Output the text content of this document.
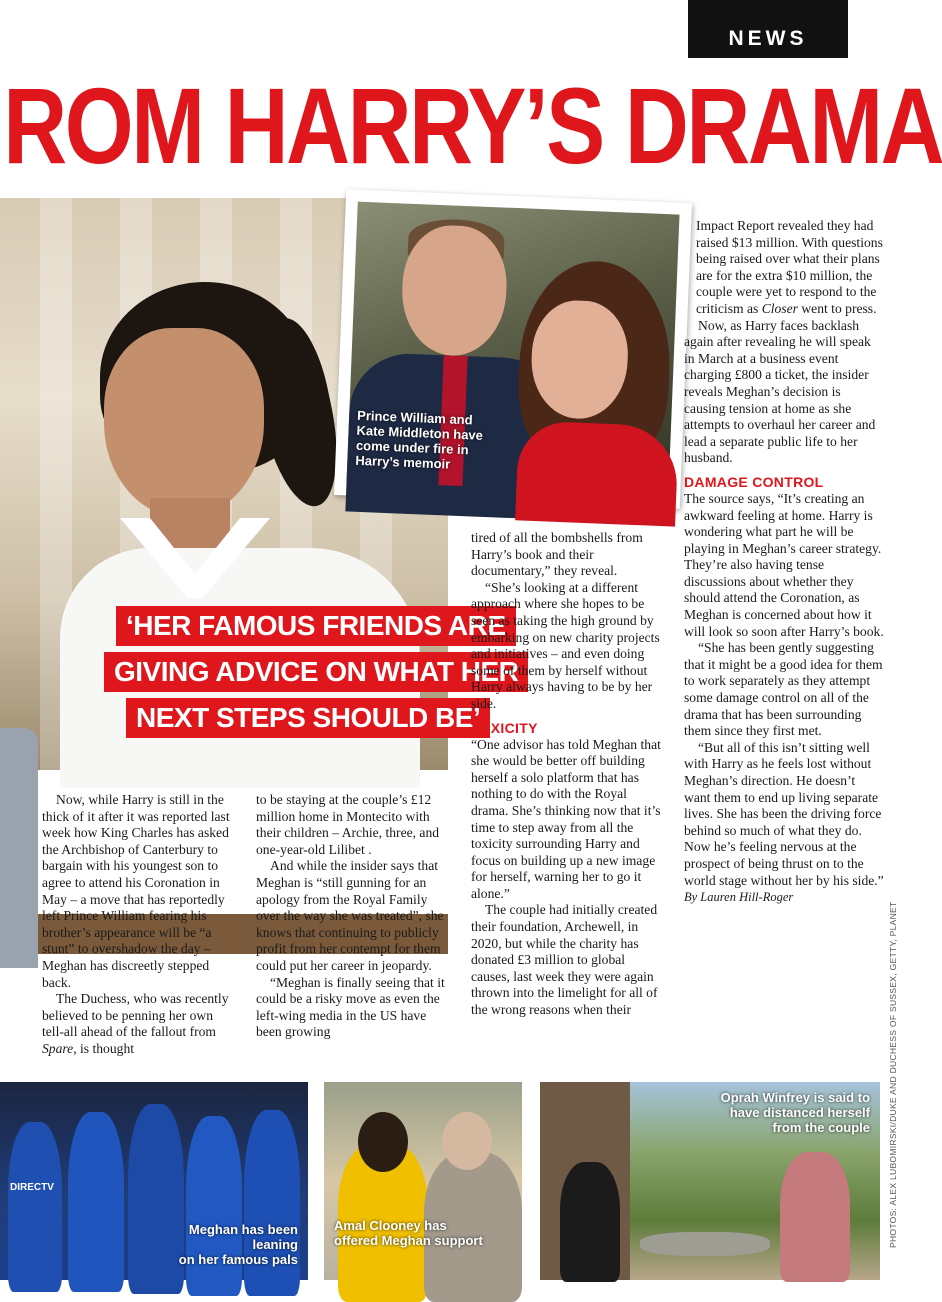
NEWS
ROM HARRY’S DRAMA
‘HER FAMOUS FRIENDS ARE
GIVING ADVICE ON WHAT HER
NEXT STEPS SHOULD BE’
Prince William and
Kate Middleton have
come under fire in
Harry’s memoir

Now, while Harry is still in the thick of it after it was reported last week how King Charles has asked the Archbishop of Canterbury to bargain with his youngest son to agree to attend his Coronation in May – a move that has reportedly left Prince William fearing his brother’s appearance will be “a stunt” to overshadow the day – Meghan has discreetly stepped back.

The Duchess, who was recently believed to be penning her own tell-all ahead of the fallout from Spare, is thought

to be staying at the couple’s £12 million home in Montecito with their children – Archie, three, and one-year-old Lilibet .

And while the insider says that Meghan is “still gunning for an apology from the Royal Family over the way she was treated”, she knows that continuing to publicly profit from her contempt for them could put her career in jeopardy.

“Meghan is finally seeing that it could be a risky move as even the left-wing media in the US have been growing

tired of all the bombshells from Harry’s book and their documentary,” they reveal.

“She’s looking at a different approach where she hopes to be seen as taking the high ground by embarking on new charity projects and initiatives – and even doing some of them by herself without Harry always having to be by her side.

TOXICITY

“One advisor has told Meghan that she would be better off building herself a solo platform that has nothing to do with the Royal drama. She’s thinking now that it’s time to step away from all the toxicity surrounding Harry and focus on building up a new image for herself, warning her to go it alone.”

The couple had initially created their foundation, Archewell, in 2020, but while the charity has donated £3 million to global causes, last week they were again thrown into the limelight for all of the wrong reasons when their

Impact Report revealed they had raised $13 million. With questions being raised over what their plans are for the extra $10 million, the couple were yet to respond to the criticism as Closer went to press.

Now, as Harry faces backlash again after revealing he will speak in March at a business event charging £800 a ticket, the insider reveals Meghan’s decision is causing tension at home as she attempts to overhaul her career and lead a separate public life to her husband.

DAMAGE CONTROL

The source says, “It’s creating an awkward feeling at home. Harry is wondering what part he will be playing in Meghan’s career strategy. They’re also having tense discussions about whether they should attend the Coronation, as Meghan is concerned about how it will look so soon after Harry’s book.

“She has been gently suggesting that it might be a good idea for them to work separately as they attempt some damage control on all of the drama that has been surrounding them since they first met.

“But all of this isn’t sitting well with Harry as he feels lost without Meghan’s direction. He doesn’t want them to end up living separate lives. She has been the driving force behind so much of what they do. Now he’s feeling nervous at the prospect of being thrust on to the world stage without her by his side.”

By Lauren Hill-Roger

PHOTOS: ALEX LUBOMIRSKI/DUKE AND DUCHESS OF SUSSEX, GETTY, PLANET
DIRECTV
Meghan has been leaning
on her famous pals
Amal Clooney has
offered Meghan support
Oprah Winfrey is said to
have distanced herself
from the couple
